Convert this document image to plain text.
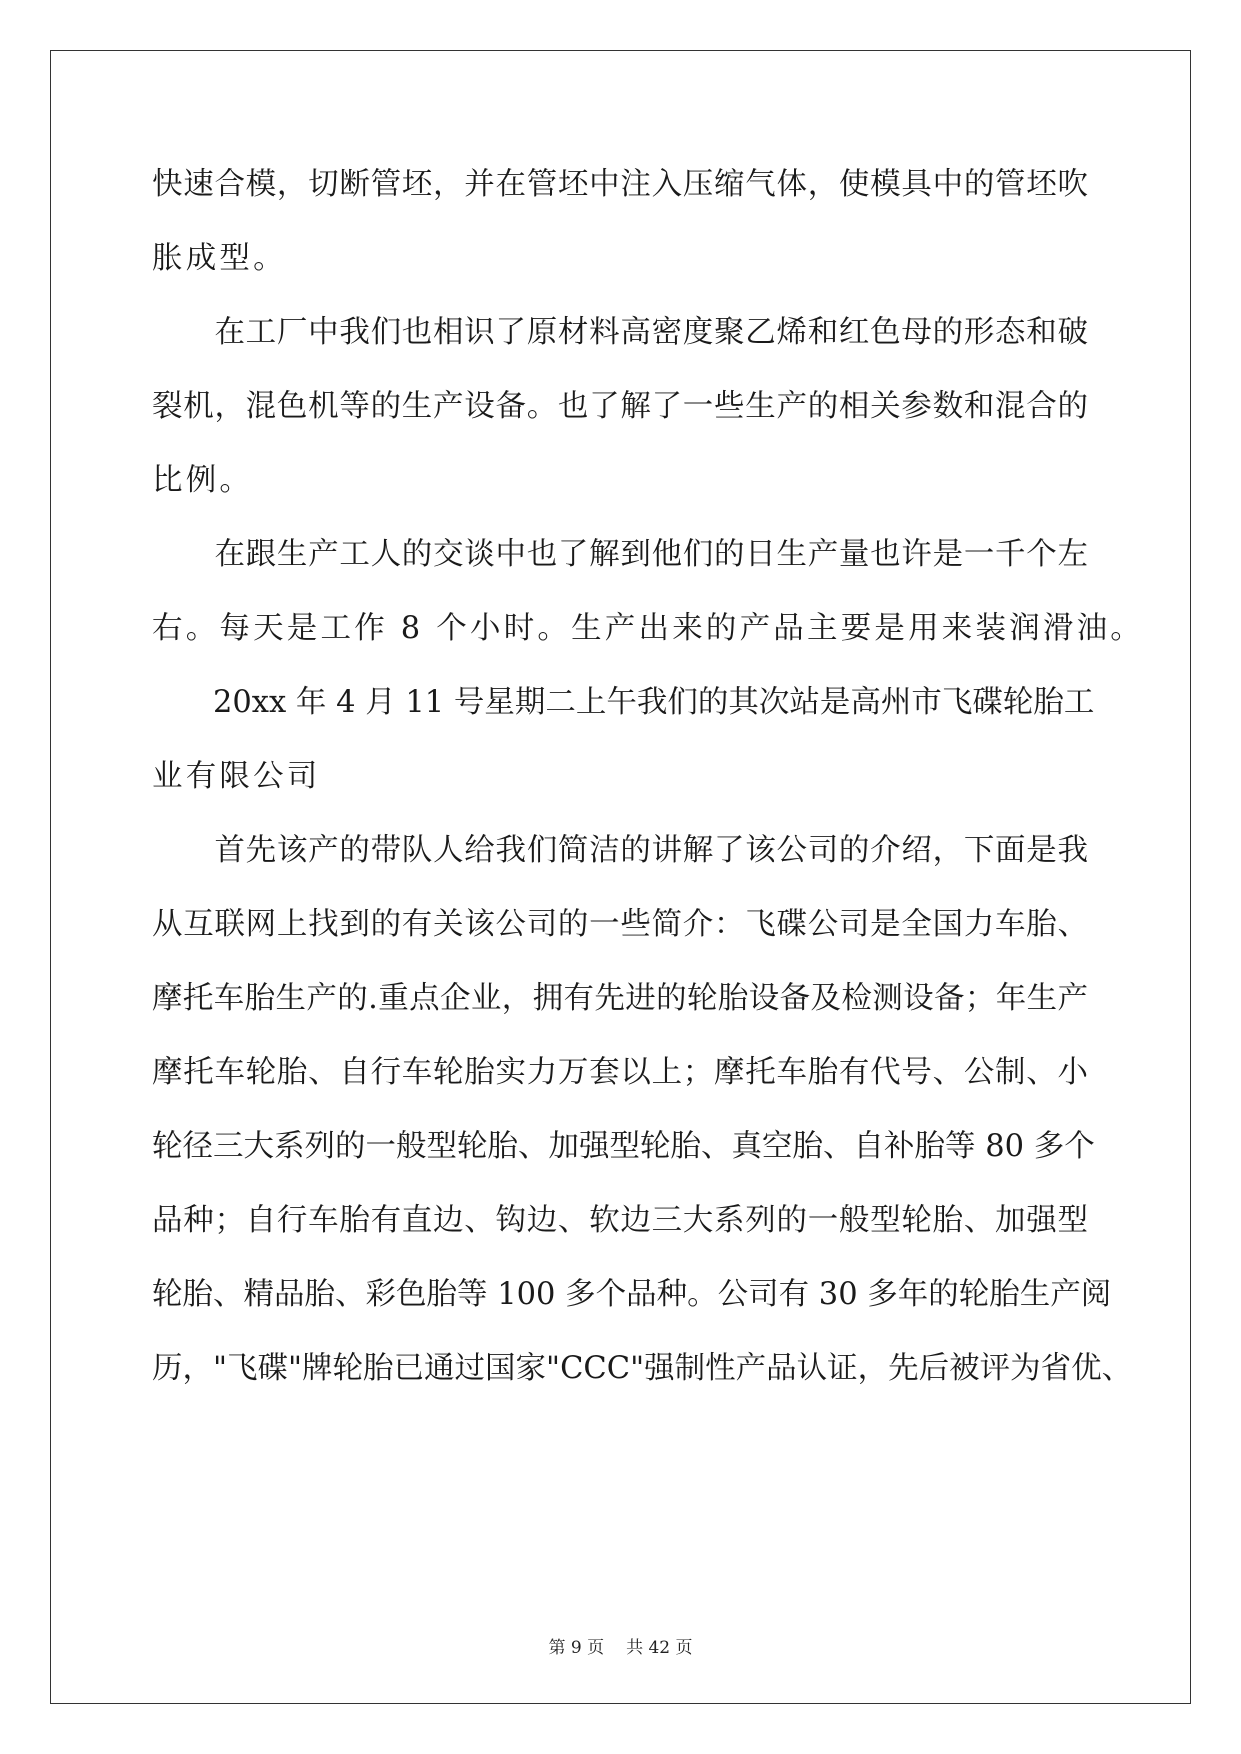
快速合模，切断管坯，并在管坯中注入压缩气体，使模具中的管坯吹
胀成型。
　　在工厂中我们也相识了原材料高密度聚乙烯和红色母的形态和破
裂机，混色机等的生产设备。也了解了一些生产的相关参数和混合的
比例。
　　在跟生产工人的交谈中也了解到他们的日生产量也许是一千个左
右。每天是工作 8 个小时。生产出来的产品主要是用来装润滑油。
　　20xx 年 4 月 11 号星期二上午我们的其次站是高州市飞碟轮胎工
业有限公司
　　首先该产的带队人给我们简洁的讲解了该公司的介绍，下面是我
从互联网上找到的有关该公司的一些简介：飞碟公司是全国力车胎、
摩托车胎生产的.重点企业，拥有先进的轮胎设备及检测设备；年生产
摩托车轮胎、自行车轮胎实力万套以上；摩托车胎有代号、公制、小
轮径三大系列的一般型轮胎、加强型轮胎、真空胎、自补胎等 80 多个
品种；自行车胎有直边、钩边、软边三大系列的一般型轮胎、加强型
轮胎、精品胎、彩色胎等 100 多个品种。公司有 30 多年的轮胎生产阅
历，"飞碟"牌轮胎已通过国家"CCC"强制性产品认证，先后被评为省优、
第 9 页 共 42 页
